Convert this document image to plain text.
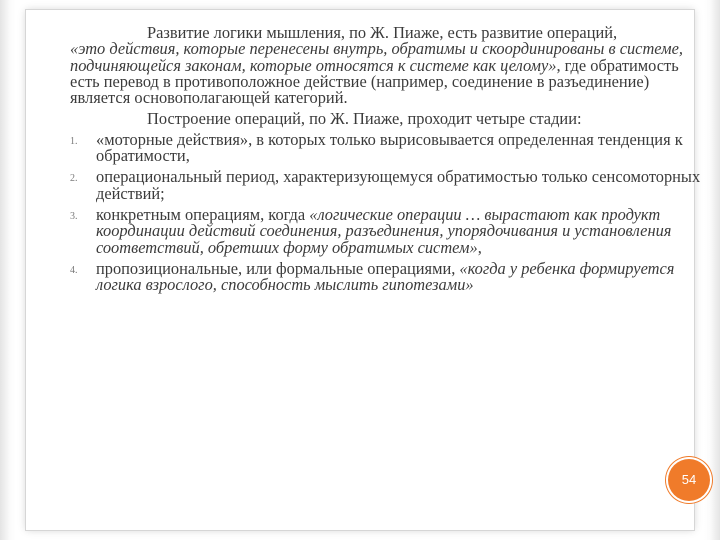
Развитие логики мышления, по Ж. Пиаже, есть развитие операций,
«это действия, которые перенесены внутрь, обратимы и скоординированы в системе, подчиняющейся законам, которые относятся к системе как целому», где обратимость есть перевод в противоположное действие (например, соединение в разъединение) является основополагающей категорий.

Построение операций, по Ж. Пиаже, проходит четыре стадии:

1. «моторные действия», в которых только вырисовывается определенная тенденция к обратимости,
2. операциональный период, характеризующемуся обратимостью только сенсомоторных действий;
3. конкретным операциям, когда «логические операции … вырастают как продукт координации действий соединения, разъединения, упорядочивания и установления соответствий, обретших форму обратимых систем»,
4. пропозициональные, или формальные операциями, «когда у ребенка формируется логика взрослого, способность мыслить гипотезами»
54
